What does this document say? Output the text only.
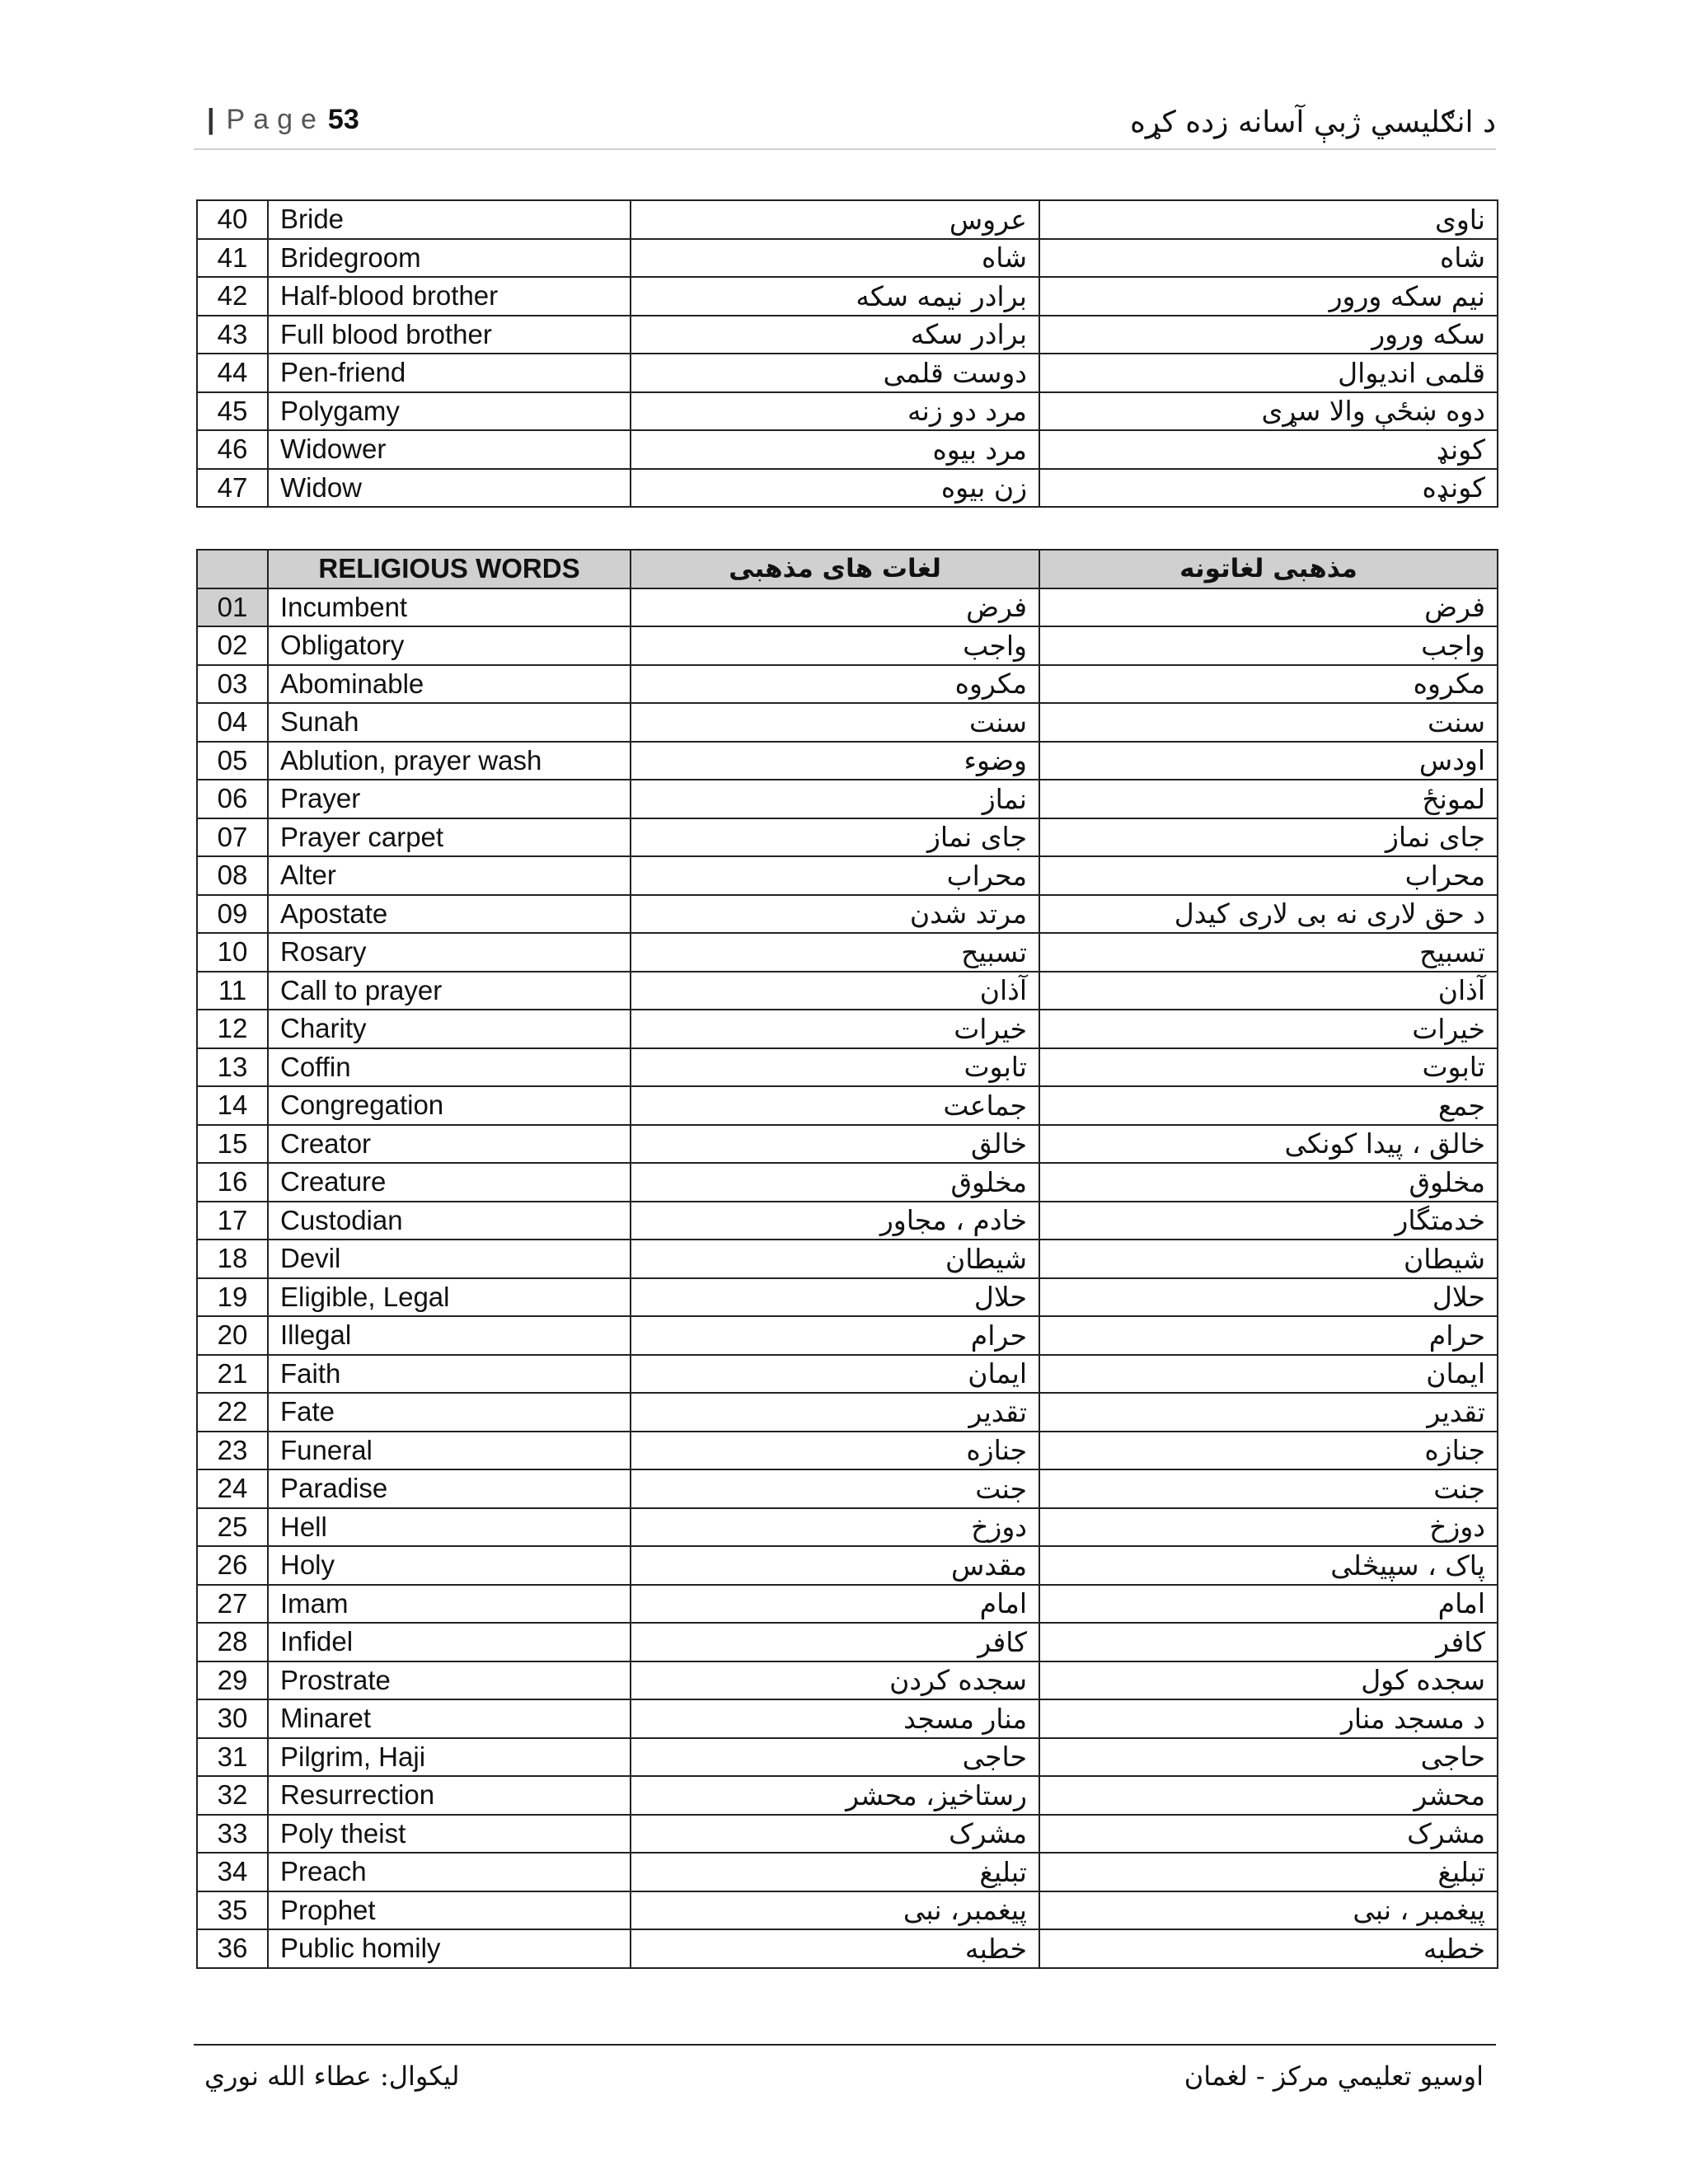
| Page 53	د انګلیسي ژبې آسانه زده کړه
40	Bride	عروس	ناوی
41	Bridegroom	شاه	شاه
42	Half-blood brother	برادر نیمه سکه	نیم سکه ورور
43	Full blood brother	برادر سکه	سکه ورور
44	Pen-friend	دوست قلمی	قلمی اندیوال
45	Polygamy	مرد دو زنه	دوه ښځې والا سړی
46	Widower	مرد بیوه	کونډ
47	Widow	زن بیوه	کونډه
	RELIGIOUS WORDS	لغات های مذهبی	مذهبی لغاتونه
01	Incumbent	فرض	فرض
02	Obligatory	واجب	واجب
03	Abominable	مکروه	مکروه
04	Sunah	سنت	سنت
05	Ablution, prayer wash	وضوء	اودس
06	Prayer	نماز	لمونځ
07	Prayer carpet	جای نماز	جای نماز
08	Alter	محراب	محراب
09	Apostate	مرتد شدن	د حق لاری نه بی لاری کیدل
10	Rosary	تسبیح	تسبیح
11	Call to prayer	آذان	آذان
12	Charity	خیرات	خیرات
13	Coffin	تابوت	تابوت
14	Congregation	جماعت	جمع
15	Creator	خالق	خالق ، پیدا کونکی
16	Creature	مخلوق	مخلوق
17	Custodian	خادم ، مجاور	خدمتگار
18	Devil	شیطان	شیطان
19	Eligible, Legal	حلال	حلال
20	Illegal	حرام	حرام
21	Faith	ایمان	ایمان
22	Fate	تقدیر	تقدیر
23	Funeral	جنازه	جنازه
24	Paradise	جنت	جنت
25	Hell	دوزخ	دوزخ
26	Holy	مقدس	پاک ، سپیڅلی
27	Imam	امام	امام
28	Infidel	کافر	کافر
29	Prostrate	سجده کردن	سجده کول
30	Minaret	منار مسجد	د مسجد منار
31	Pilgrim, Haji	حاجی	حاجی
32	Resurrection	رستاخیز، محشر	محشر
33	Poly theist	مشرک	مشرک
34	Preach	تبلیغ	تبلیغ
35	Prophet	پیغمبر، نبی	پیغمبر ، نبی
36	Public homily	خطبه	خطبه
لیکوال: عطاء الله نوري	اوسیو تعلیمي مرکز - لغمان
